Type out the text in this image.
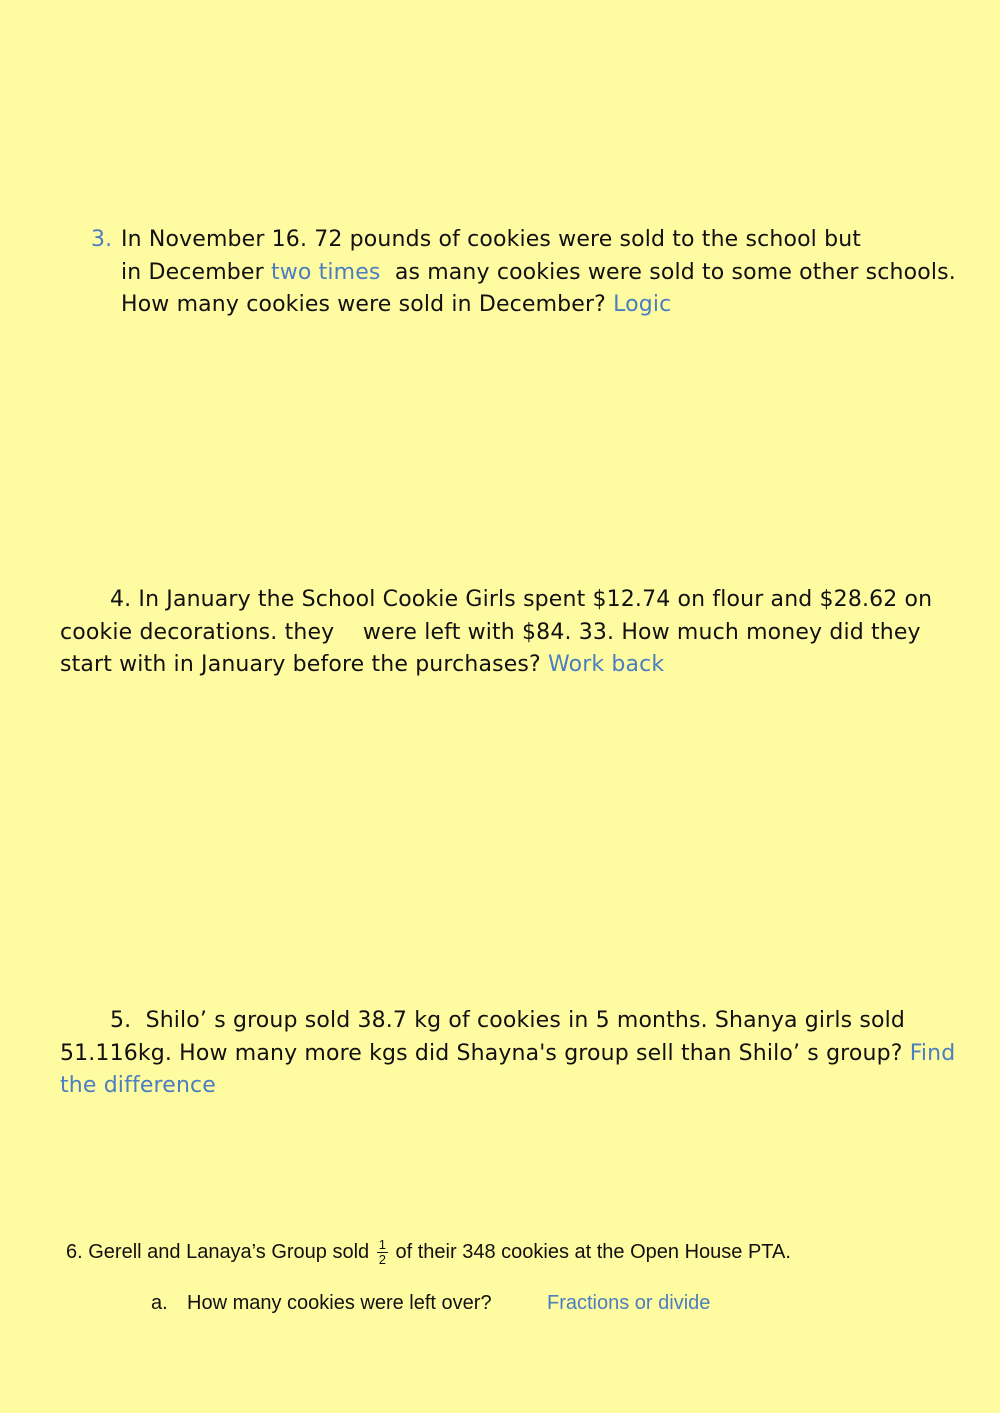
3. In November 16. 72 pounds of cookies were sold to the school but
in December two times  as many cookies were sold to some other schools.
How many cookies were sold in December? Logic
4. In January the School Cookie Girls spent $12.74 on flour and $28.62 on
cookie decorations. they    were left with $84. 33. How much money did they
start with in January before the purchases? Work back
5.  Shilo’ s group sold 38.7 kg of cookies in 5 months. Shanya girls sold
51.116kg. How many more kgs did Shayna's group sell than Shilo’ s group? Find
the difference
6. Gerell and Lanaya’s Group sold $\frac{1}{2}$ of their 348 cookies at the Open House PTA.
a. How many cookies were left over?	Fractions or divide
